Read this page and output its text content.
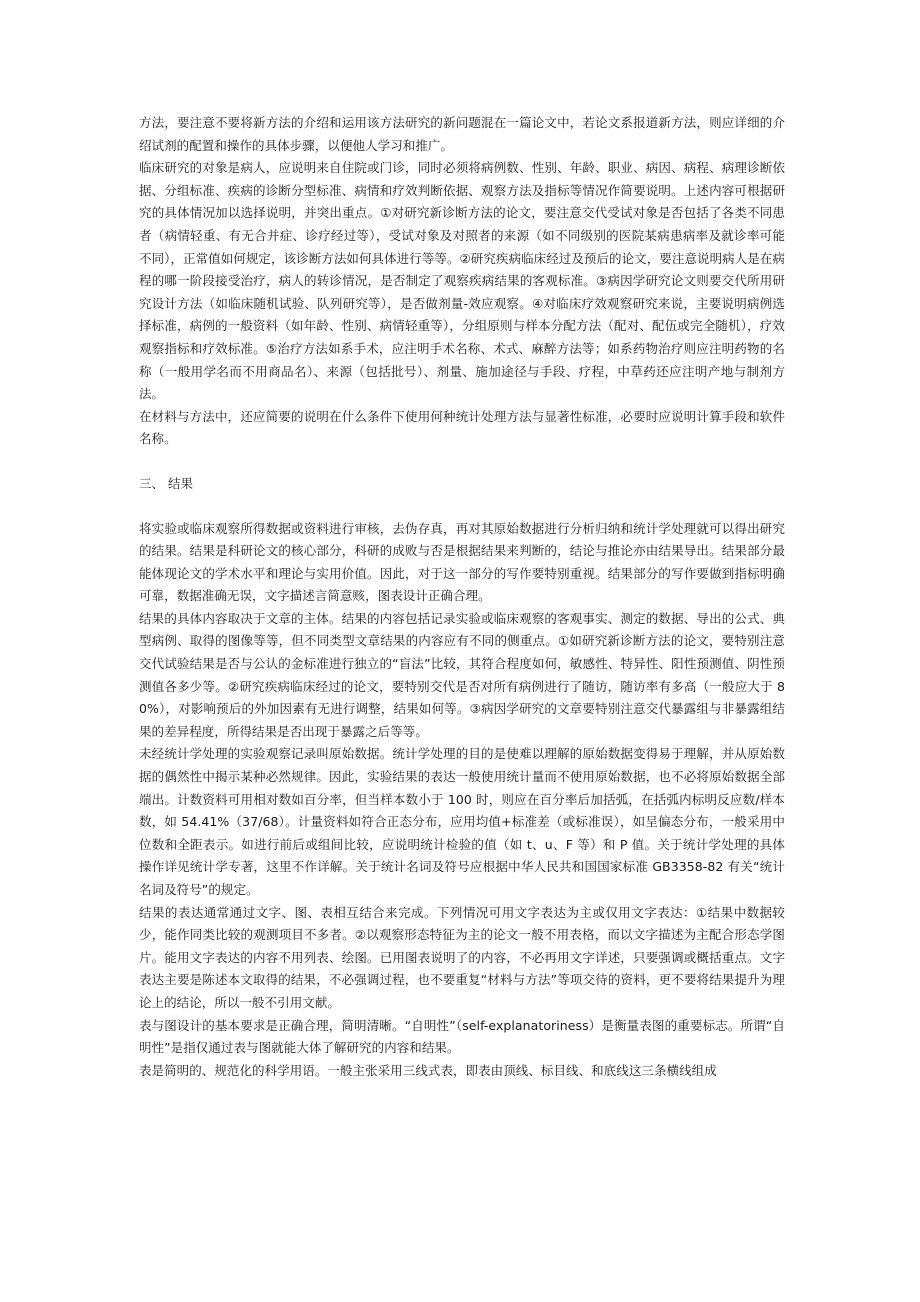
方法，要注意不要将新方法的介绍和运用该方法研究的新问题混在一篇论文中，若论文系报道新方法，则应详细的介绍试剂的配置和操作的具体步骤，以便他人学习和推广。

临床研究的对象是病人，应说明来自住院或门诊，同时必须将病例数、性别、年龄、职业、病因、病程、病理诊断依据、分组标准、疾病的诊断分型标准、病情和疗效判断依据、观察方法及指标等情况作简要说明。上述内容可根据研究的具体情况加以选择说明，并突出重点。①对研究新诊断方法的论文，要注意交代受试对象是否包括了各类不同患者（病情轻重、有无合并症、诊疗经过等），受试对象及对照者的来源（如不同级别的医院某病患病率及就诊率可能不同），正常值如何规定，该诊断方法如何具体进行等等。②研究疾病临床经过及预后的论文，要注意说明病人是在病程的哪一阶段接受治疗，病人的转诊情况，是否制定了观察疾病结果的客观标准。③病因学研究论文则要交代所用研究设计方法（如临床随机试验、队列研究等），是否做剂量-效应观察。④对临床疗效观察研究来说，主要说明病例选择标准，病例的一般资料（如年龄、性别、病情轻重等），分组原则与样本分配方法（配对、配伍或完全随机），疗效观察指标和疗效标准。⑤治疗方法如系手术，应注明手术名称、术式、麻醉方法等；如系药物治疗则应注明药物的名称（一般用学名而不用商品名）、来源（包括批号）、剂量、施加途径与手段、疗程，中草药还应注明产地与制剂方法。

在材料与方法中，还应简要的说明在什么条件下使用何种统计处理方法与显著性标准，必要时应说明计算手段和软件名称。

三、 结果

将实验或临床观察所得数据或资料进行审核，去伪存真，再对其原始数据进行分析归纳和统计学处理就可以得出研究的结果。结果是科研论文的核心部分，科研的成败与否是根据结果来判断的，结论与推论亦由结果导出。结果部分最能体现论文的学术水平和理论与实用价值。因此，对于这一部分的写作要特别重视。结果部分的写作要做到指标明确可靠，数据准确无误，文字描述言简意赅，图表设计正确合理。

结果的具体内容取决于文章的主体。结果的内容包括记录实验或临床观察的客观事实、测定的数据、导出的公式、典型病例、取得的图像等等，但不同类型文章结果的内容应有不同的侧重点。①如研究新诊断方法的论文，要特别注意交代试验结果是否与公认的金标准进行独立的“盲法”比较，其符合程度如何，敏感性、特异性、阳性预测值、阴性预测值各多少等。②研究疾病临床经过的论文，要特别交代是否对所有病例进行了随访，随访率有多高（一般应大于 80%），对影响预后的外加因素有无进行调整，结果如何等。③病因学研究的文章要特别注意交代暴露组与非暴露组结果的差异程度，所得结果是否出现于暴露之后等等。

未经统计学处理的实验观察记录叫原始数据。统计学处理的目的是使难以理解的原始数据变得易于理解，并从原始数据的偶然性中揭示某种必然规律。因此，实验结果的表达一般使用统计量而不使用原始数据，也不必将原始数据全部端出。计数资料可用相对数如百分率，但当样本数小于 100 时，则应在百分率后加括弧，在括弧内标明反应数/样本数，如 54.41%（37/68）。计量资料如符合正态分布，应用均值+标准差（或标准误），如呈偏态分布，一般采用中位数和全距表示。如进行前后或组间比较，应说明统计检验的值（如 t、u、F 等）和 P 值。关于统计学处理的具体操作详见统计学专著，这里不作详解。关于统计名词及符号应根据中华人民共和国国家标准 GB3358-82 有关“统计名词及符号”的规定。

结果的表达通常通过文字、图、表相互结合来完成。下列情况可用文字表达为主或仅用文字表达：①结果中数据较少，能作同类比较的观测项目不多者。②以观察形态特征为主的论文一般不用表格，而以文字描述为主配合形态学图片。能用文字表达的内容不用列表、绘图。已用图表说明了的内容，不必再用文字详述，只要强调或概括重点。文字表达主要是陈述本文取得的结果，不必强调过程，也不要重复“材料与方法”等项交待的资料，更不要将结果提升为理论上的结论，所以一般不引用文献。

表与图设计的基本要求是正确合理，简明清晰。“自明性”（self-explanatoriness）是衡量表图的重要标志。所谓“自明性”是指仅通过表与图就能大体了解研究的内容和结果。

表是简明的、规范化的科学用语。一般主张采用三线式表，即表由顶线、标目线、和底线这三条横线组成
